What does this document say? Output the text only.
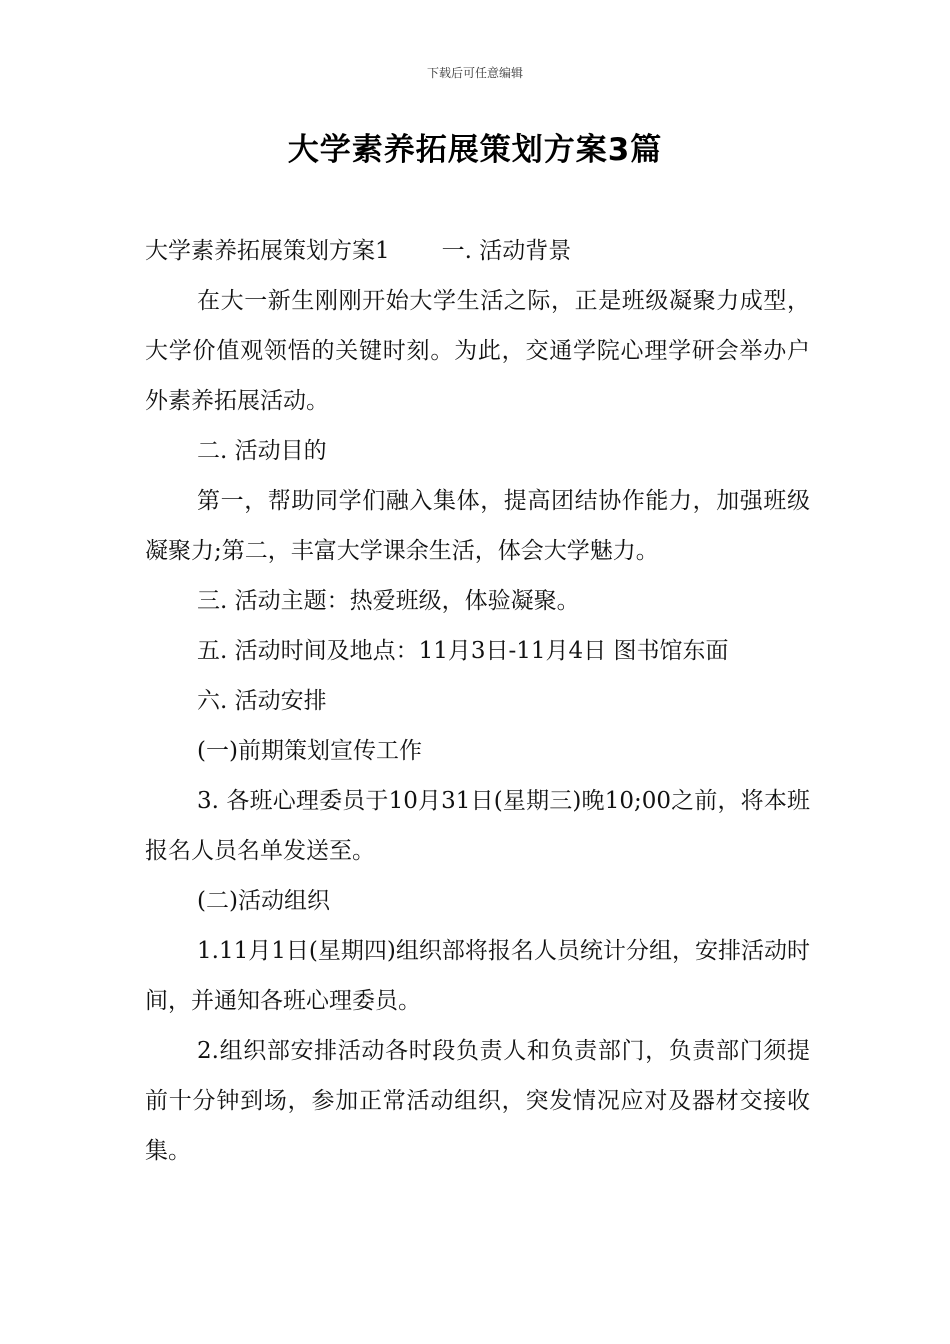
下载后可任意编辑
大学素养拓展策划方案3篇

大学素养拓展策划方案1 一. 活动背景

在大一新生刚刚开始大学生活之际，正是班级凝聚力成型，大学价值观领悟的关键时刻。为此，交通学院心理学研会举办户外素养拓展活动。

二. 活动目的

第一，帮助同学们融入集体，提高团结协作能力，加强班级凝聚力;第二，丰富大学课余生活，体会大学魅力。

三. 活动主题：热爱班级，体验凝聚。

五. 活动时间及地点：11月3日-11月4日 图书馆东面

六. 活动安排

(一)前期策划宣传工作

3. 各班心理委员于10月31日(星期三)晚10;00之前，将本班报名人员名单发送至。

(二)活动组织

1.11月1日(星期四)组织部将报名人员统计分组，安排活动时间，并通知各班心理委员。

2.组织部安排活动各时段负责人和负责部门，负责部门须提前十分钟到场，参加正常活动组织，突发情况应对及器材交接收集。
